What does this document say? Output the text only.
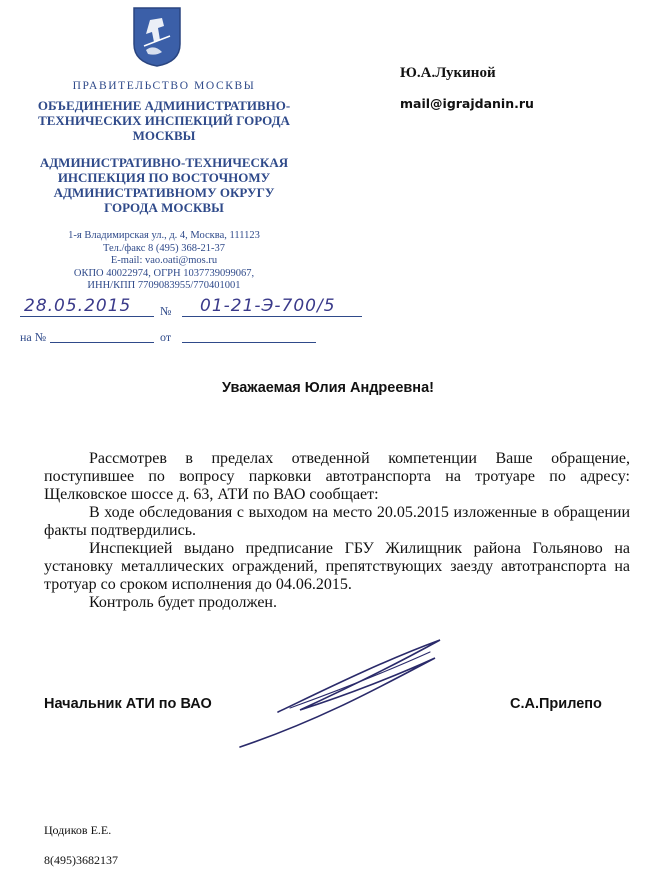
ПРАВИТЕЛЬСТВО МОСКВЫ
ОБЪЕДИНЕНИЕ АДМИНИСТРАТИВНО-
ТЕХНИЧЕСКИХ ИНСПЕКЦИЙ ГОРОДА
МОСКВЫ
АДМИНИСТРАТИВНО-ТЕХНИЧЕСКАЯ
ИНСПЕКЦИЯ ПО ВОСТОЧНОМУ
АДМИНИСТРАТИВНОМУ ОКРУГУ
ГОРОДА МОСКВЫ
1-я Владимирская ул., д. 4, Москва, 111123
Тел./факс 8 (495) 368-21-37
E-mail: vao.oati@mos.ru
ОКПО 40022974, ОГРН 1037739099067,
ИНН/КПП 7709083955/770401001
28.05.2015 № 01-21-Э-700/5
на №	от
Ю.А.Лукиной
mail@igrajdanin.ru
Уважаемая Юлия Андреевна!

Рассмотрев в пределах отведенной компетенции Ваше обращение, поступившее по вопросу парковки автотранспорта на тротуаре по адресу: Щелковское шоссе д. 63, АТИ по ВАО сообщает:

В ходе обследования с выходом на место 20.05.2015 изложенные в обращении факты подтвердились.

Инспекцией выдано предписание ГБУ Жилищник района Гольяново на установку металлических ограждений, препятствующих заезду автотранспорта на тротуар со сроком исполнения до 04.06.2015.

Контроль будет продолжен.

Начальник АТИ по ВАО	С.А.Прилепо
Цодиков Е.Е.
8(495)3682137
